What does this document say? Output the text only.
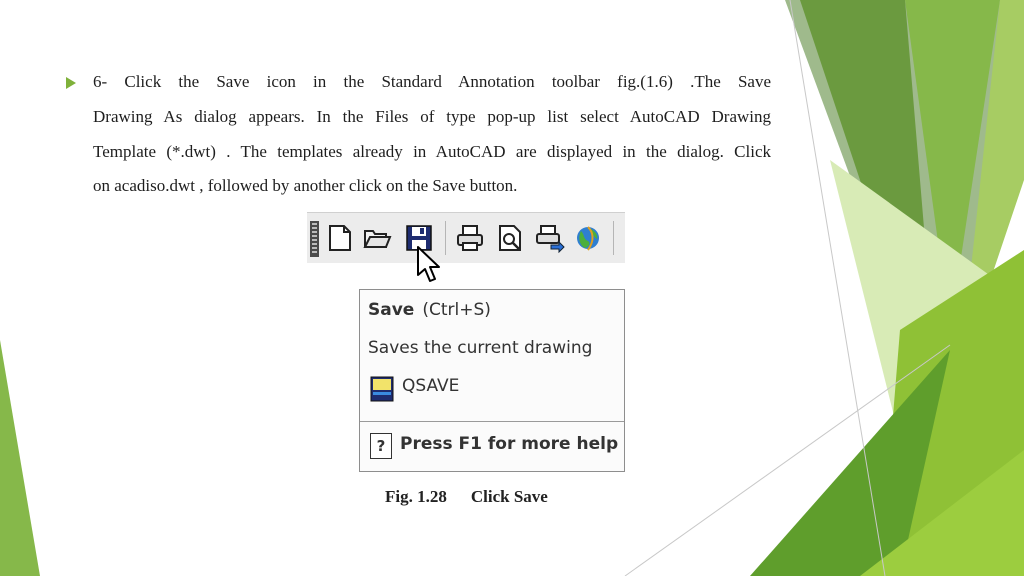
6- Click the Save icon in the Standard Annotation toolbar fig.(1.6) .The Save
Drawing As dialog appears. In the Files of type pop-up list select AutoCAD Drawing
Template (*.dwt) . The templates already in AutoCAD are displayed in the dialog. Click
on acadiso.dwt , followed by another click on the Save button.
Save (Ctrl+S)
Saves the current drawing
QSAVE
? Press F1 for more help
Fig. 1.28 Click Save
